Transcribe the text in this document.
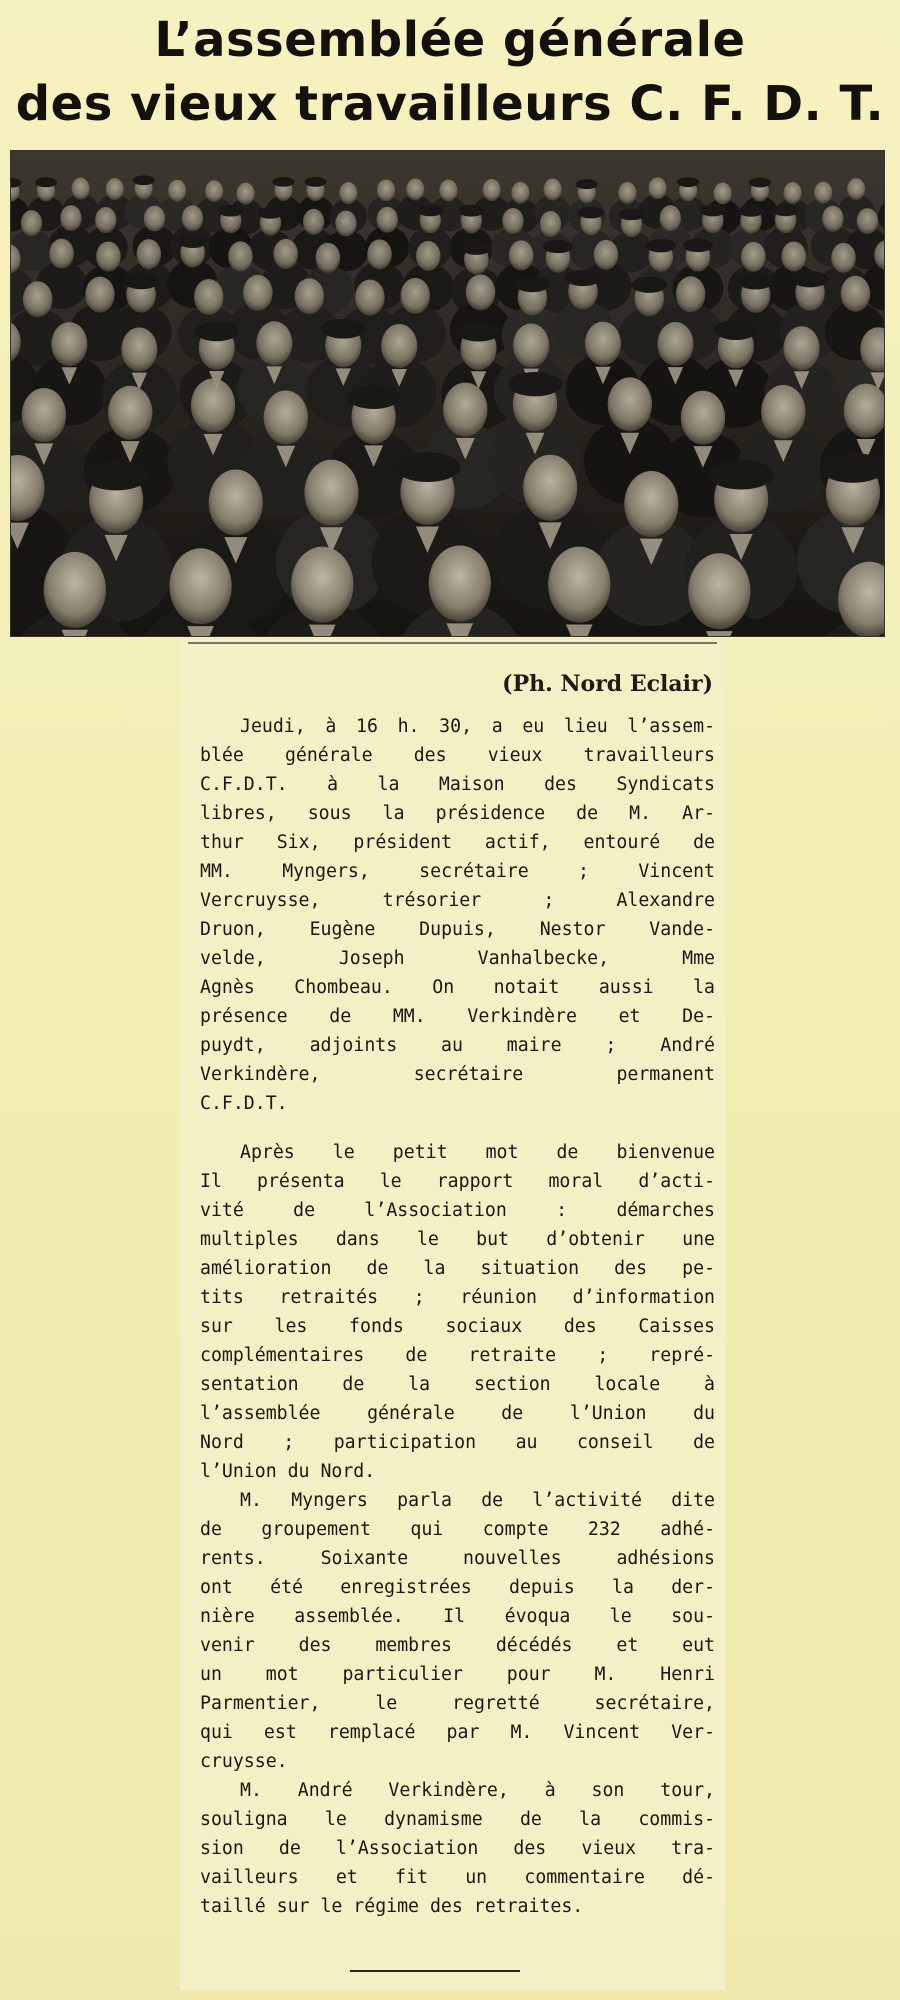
L’assemblée générale
des vieux travailleurs C. F. D. T.
(Ph. Nord Eclair)
Jeudi, à 16 h. 30, a eu lieu l’assem-
blée générale des vieux travailleurs
C.F.D.T. à la Maison des Syndicats
libres, sous la présidence de M. Ar-
thur Six, président actif, entouré de
MM. Myngers, secrétaire ; Vincent
Vercruysse, trésorier ; Alexandre
Druon, Eugène Dupuis, Nestor Vande-
velde, Joseph Vanhalbecke, Mme
Agnès Chombeau. On notait aussi la
présence de MM. Verkindère et De-
puydt, adjoints au maire ; André
Verkindère, secrétaire permanent
C.F.D.T.
Après le petit mot de bienvenue
Il présenta le rapport moral d’acti-
vité de l’Association : démarches
multiples dans le but d’obtenir une
amélioration de la situation des pe-
tits retraités ; réunion d’information
sur les fonds sociaux des Caisses
complémentaires de retraite ; repré-
sentation de la section locale à
l’assemblée générale de l’Union du
Nord ; participation au conseil de
l’Union du Nord.
M. Myngers parla de l’activité dite
de groupement qui compte 232 adhé-
rents. Soixante nouvelles adhésions
ont été enregistrées depuis la der-
nière assemblée. Il évoqua le sou-
venir des membres décédés et eut
un mot particulier pour M. Henri
Parmentier, le regretté secrétaire,
qui est remplacé par M. Vincent Ver-
cruysse.
M. André Verkindère, à son tour,
souligna le dynamisme de la commis-
sion de l’Association des vieux tra-
vailleurs et fit un commentaire dé-
taillé sur le régime des retraites.
